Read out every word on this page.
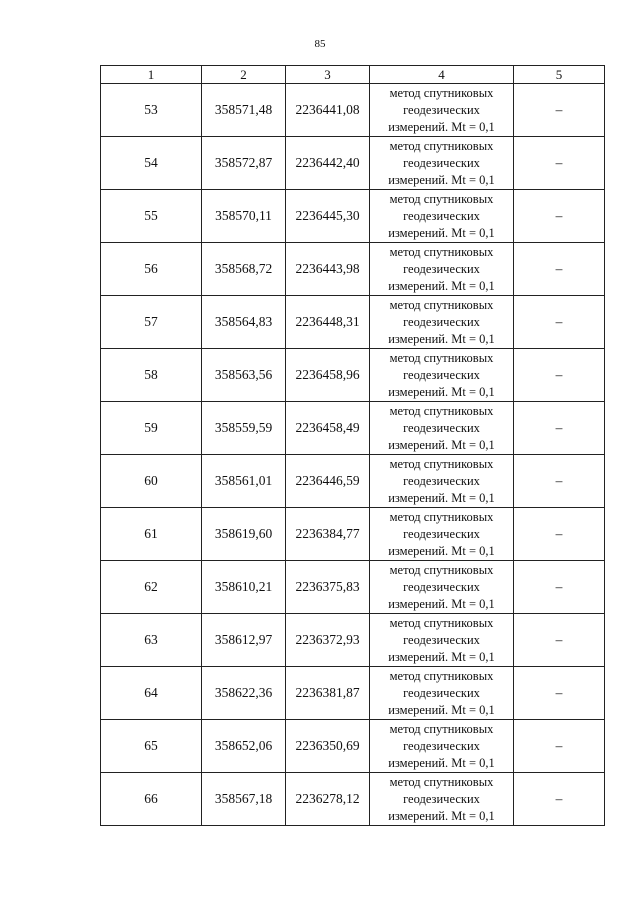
85
1	2	3	4	5
53	358571,48	2236441,08	метод спутниковых
геодезических
измерений. Mt = 0,1	–
54	358572,87	2236442,40	метод спутниковых
геодезических
измерений. Mt = 0,1	–
55	358570,11	2236445,30	метод спутниковых
геодезических
измерений. Mt = 0,1	–
56	358568,72	2236443,98	метод спутниковых
геодезических
измерений. Mt = 0,1	–
57	358564,83	2236448,31	метод спутниковых
геодезических
измерений. Mt = 0,1	–
58	358563,56	2236458,96	метод спутниковых
геодезических
измерений. Mt = 0,1	–
59	358559,59	2236458,49	метод спутниковых
геодезических
измерений. Mt = 0,1	–
60	358561,01	2236446,59	метод спутниковых
геодезических
измерений. Mt = 0,1	–
61	358619,60	2236384,77	метод спутниковых
геодезических
измерений. Mt = 0,1	–
62	358610,21	2236375,83	метод спутниковых
геодезических
измерений. Mt = 0,1	–
63	358612,97	2236372,93	метод спутниковых
геодезических
измерений. Mt = 0,1	–
64	358622,36	2236381,87	метод спутниковых
геодезических
измерений. Mt = 0,1	–
65	358652,06	2236350,69	метод спутниковых
геодезических
измерений. Mt = 0,1	–
66	358567,18	2236278,12	метод спутниковых
геодезических
измерений. Mt = 0,1	–
